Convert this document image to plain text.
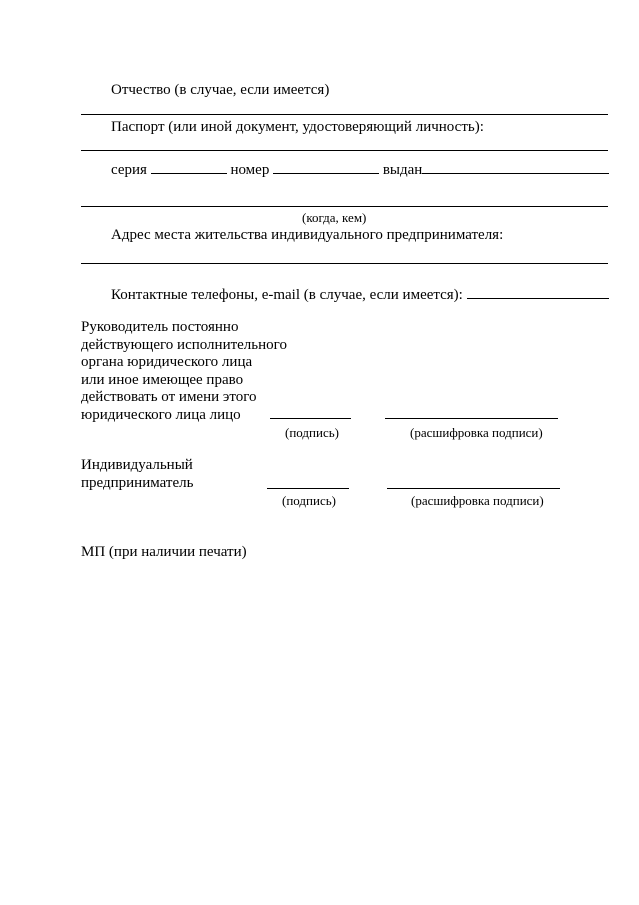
Отчество (в случае, если имеется)
Паспорт (или иной документ, удостоверяющий личность):
серия	номер	выдан
(когда, кем)
Адрес места жительства индивидуального предпринимателя:
Контактные телефоны, e-mail (в случае, если имеется):
Руководитель постоянно
действующего исполнительного
органа юридического лица
или иное имеющее право
действовать от имени этого
юридического лица лицо
(подпись)	(расшифровка подписи)
Индивидуальный
предприниматель
(подпись)	(расшифровка подписи)
МП (при наличии печати)
